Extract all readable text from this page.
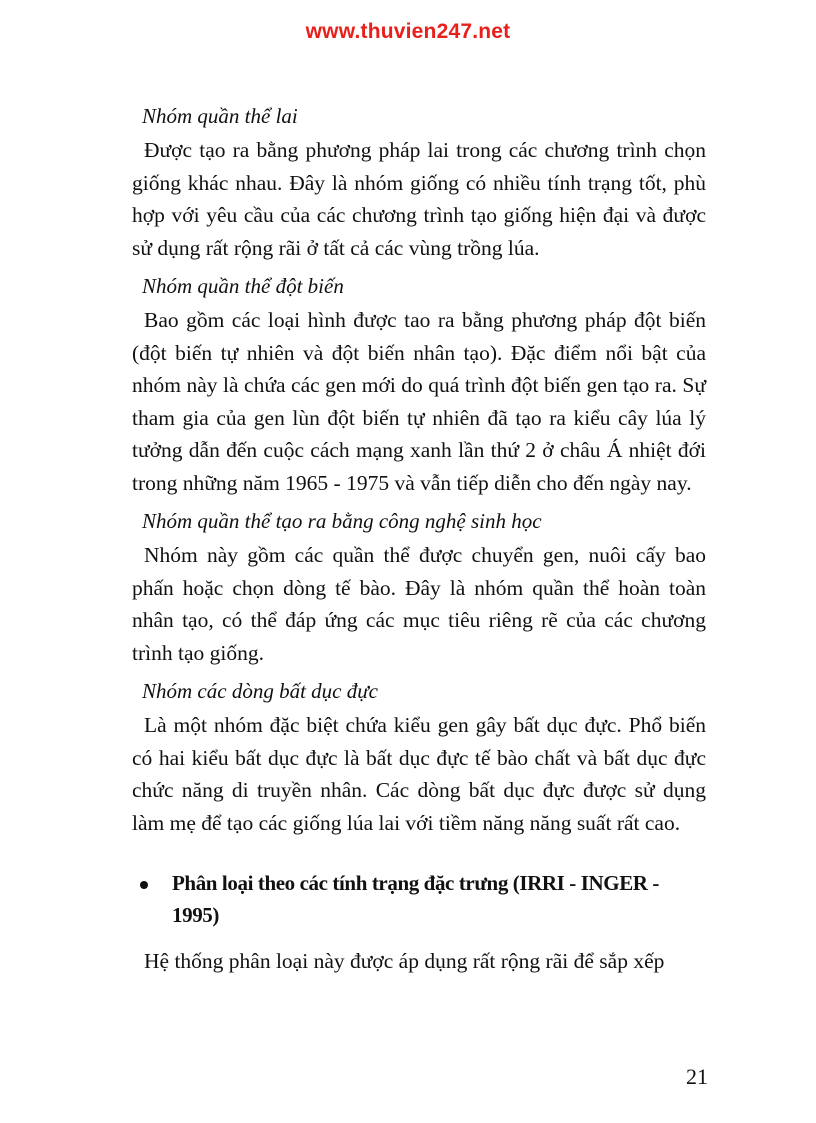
www.thuvien247.net
Nhóm quần thể lai

Được tạo ra bằng phương pháp lai trong các chương trình chọn giống khác nhau. Đây là nhóm giống có nhiều tính trạng tốt, phù hợp với yêu cầu của các chương trình tạo giống hiện đại và được sử dụng rất rộng rãi ở tất cả các vùng trồng lúa.

Nhóm quần thể đột biến

Bao gồm các loại hình được tao ra bằng phương pháp đột biến (đột biến tự nhiên và đột biến nhân tạo). Đặc điểm nổi bật của nhóm này là chứa các gen mới do quá trình đột biến gen tạo ra. Sự tham gia của gen lùn đột biến tự nhiên đã tạo ra kiểu cây lúa lý tưởng dẫn đến cuộc cách mạng xanh lần thứ 2 ở châu Á nhiệt đới trong những năm 1965 - 1975 và vẫn tiếp diễn cho đến ngày nay.

Nhóm quần thể tạo ra bằng công nghệ sinh học

Nhóm này gồm các quần thể được chuyển gen, nuôi cấy bao phấn hoặc chọn dòng tế bào. Đây là nhóm quần thể hoàn toàn nhân tạo, có thể đáp ứng các mục tiêu riêng rẽ của các chương trình tạo giống.

Nhóm các dòng bất dục đực

Là một nhóm đặc biệt chứa kiểu gen gây bất dục đực. Phổ biến có hai kiểu bất dục đực là bất dục đực tế bào chất và bất dục đực chức năng di truyền nhân. Các dòng bất dục đực được sử dụng làm mẹ để tạo các giống lúa lai với tiềm năng năng suất rất cao.

Phân loại theo các tính trạng đặc trưng (IRRI - INGER - 1995)

Hệ thống phân loại này được áp dụng rất rộng rãi để sắp xếp

21
